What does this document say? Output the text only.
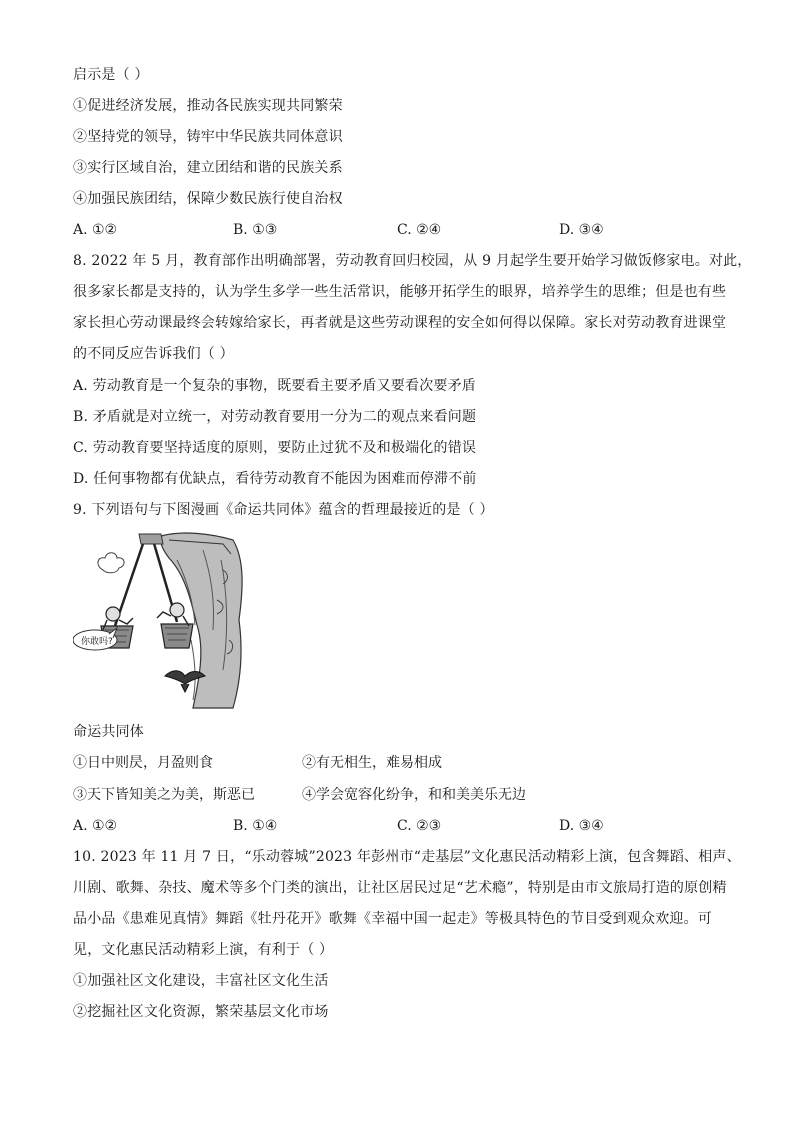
启示是（ ）
①促进经济发展，推动各民族实现共同繁荣
②坚持党的领导，铸牢中华民族共同体意识
③实行区域自治，建立团结和谐的民族关系
④加强民族团结，保障少数民族行使自治权
A. ①②	B. ①③	C. ②④	D. ③④
8. 2022 年 5 月，教育部作出明确部署，劳动教育回归校园，从 9 月起学生要开始学习做饭修家电。对此，
很多家长都是支持的，认为学生多学一些生活常识，能够开拓学生的眼界，培养学生的思维；但是也有些
家长担心劳动课最终会转嫁给家长，再者就是这些劳动课程的安全如何得以保障。家长对劳动教育进课堂
的不同反应告诉我们（ ）
A. 劳动教育是一个复杂的事物，既要看主要矛盾又要看次要矛盾
B. 矛盾就是对立统一，对劳动教育要用一分为二的观点来看问题
C. 劳动教育要坚持适度的原则，要防止过犹不及和极端化的错误
D. 任何事物都有优缺点，看待劳动教育不能因为困难而停滞不前
9. 下列语句与下图漫画《命运共同体》蕴含的哲理最接近的是（ ）
你敢吗?
命运共同体
①日中则昃，月盈则食	②有无相生，难易相成
③天下皆知美之为美，斯恶已	④学会宽容化纷争，和和美美乐无边
A. ①②	B. ①④	C. ②③	D. ③④
10. 2023 年 11 月 7 日，“乐动蓉城”2023 年彭州市“走基层”文化惠民活动精彩上演，包含舞蹈、相声、
川剧、歌舞、杂技、魔术等多个门类的演出，让社区居民过足“艺术瘾”，特别是由市文旅局打造的原创精
品小品《患难见真情》舞蹈《牡丹花开》歌舞《幸福中国一起走》等极具特色的节目受到观众欢迎。可
见，文化惠民活动精彩上演，有利于（ ）
①加强社区文化建设，丰富社区文化生活
②挖掘社区文化资源，繁荣基层文化市场
